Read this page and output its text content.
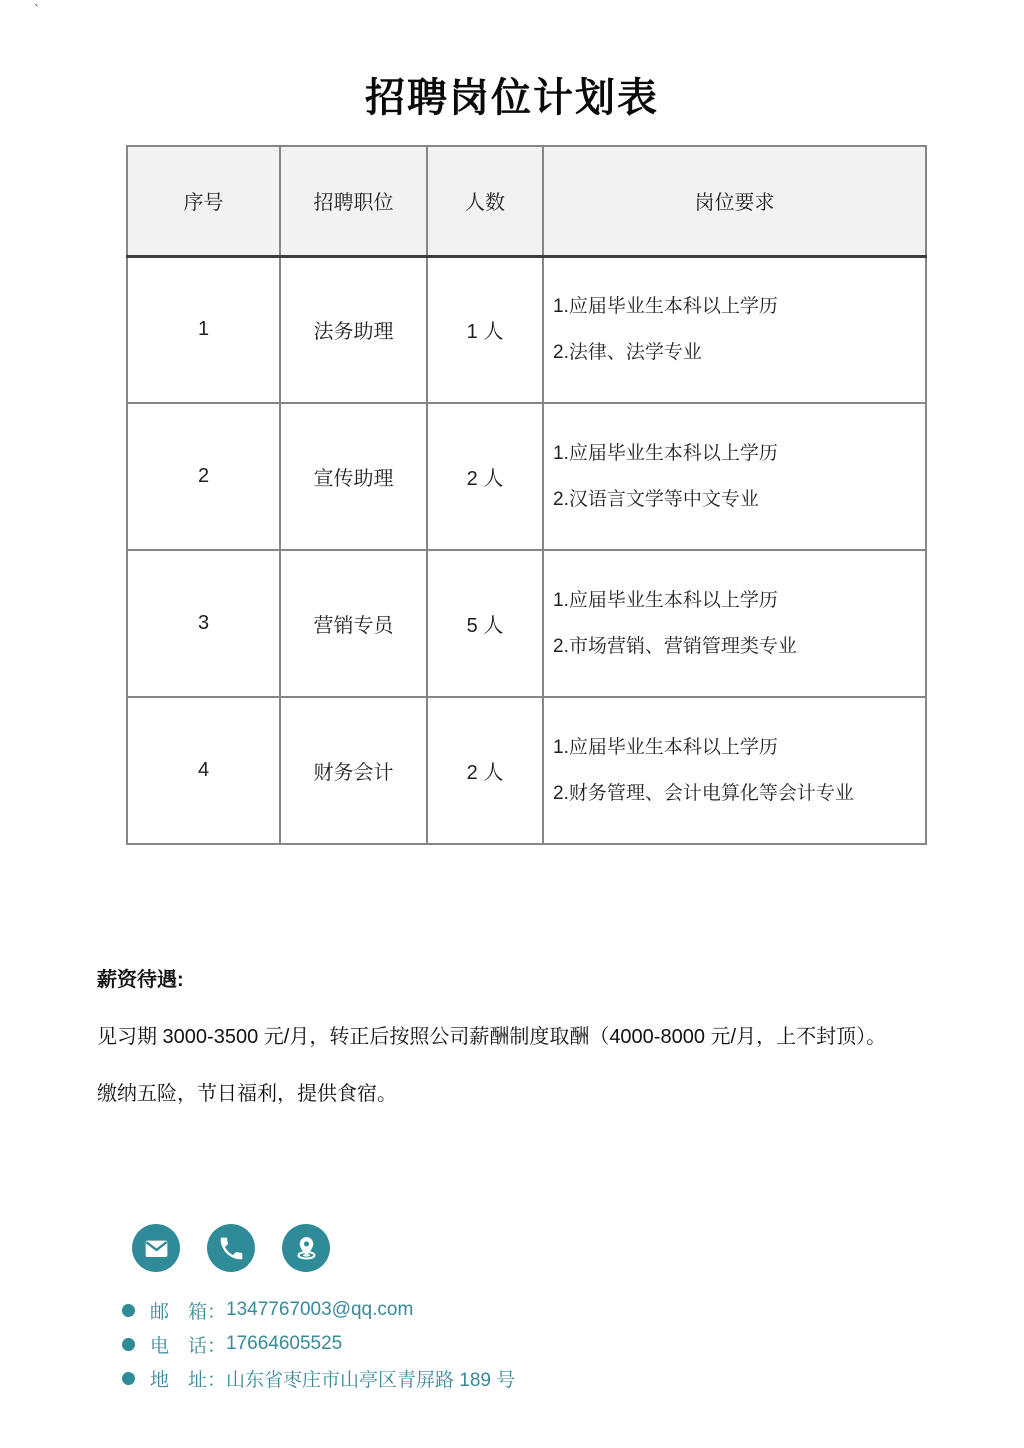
`
招聘岗位计划表
序号	招聘职位	人数	岗位要求
1	法务助理	1 人	1.应届毕业生本科以上学历

2.法律、法学专业

2	宣传助理	2 人	1.应届毕业生本科以上学历

2.汉语言文学等中文专业

3	营销专员	5 人	1.应届毕业生本科以上学历

2.市场营销、营销管理类专业

4	财务会计	2 人	1.应届毕业生本科以上学历

2.财务管理、会计电算化等会计专业

薪资待遇:

见习期 3000-3500 元/月，转正后按照公司薪酬制度取酬（4000-8000 元/月，上不封顶）。

缴纳五险，节日福利，提供食宿。

邮　箱： 1347767003@qq.com
电　话： 17664605525
地　址： 山东省枣庄市山亭区青屏路 189 号
